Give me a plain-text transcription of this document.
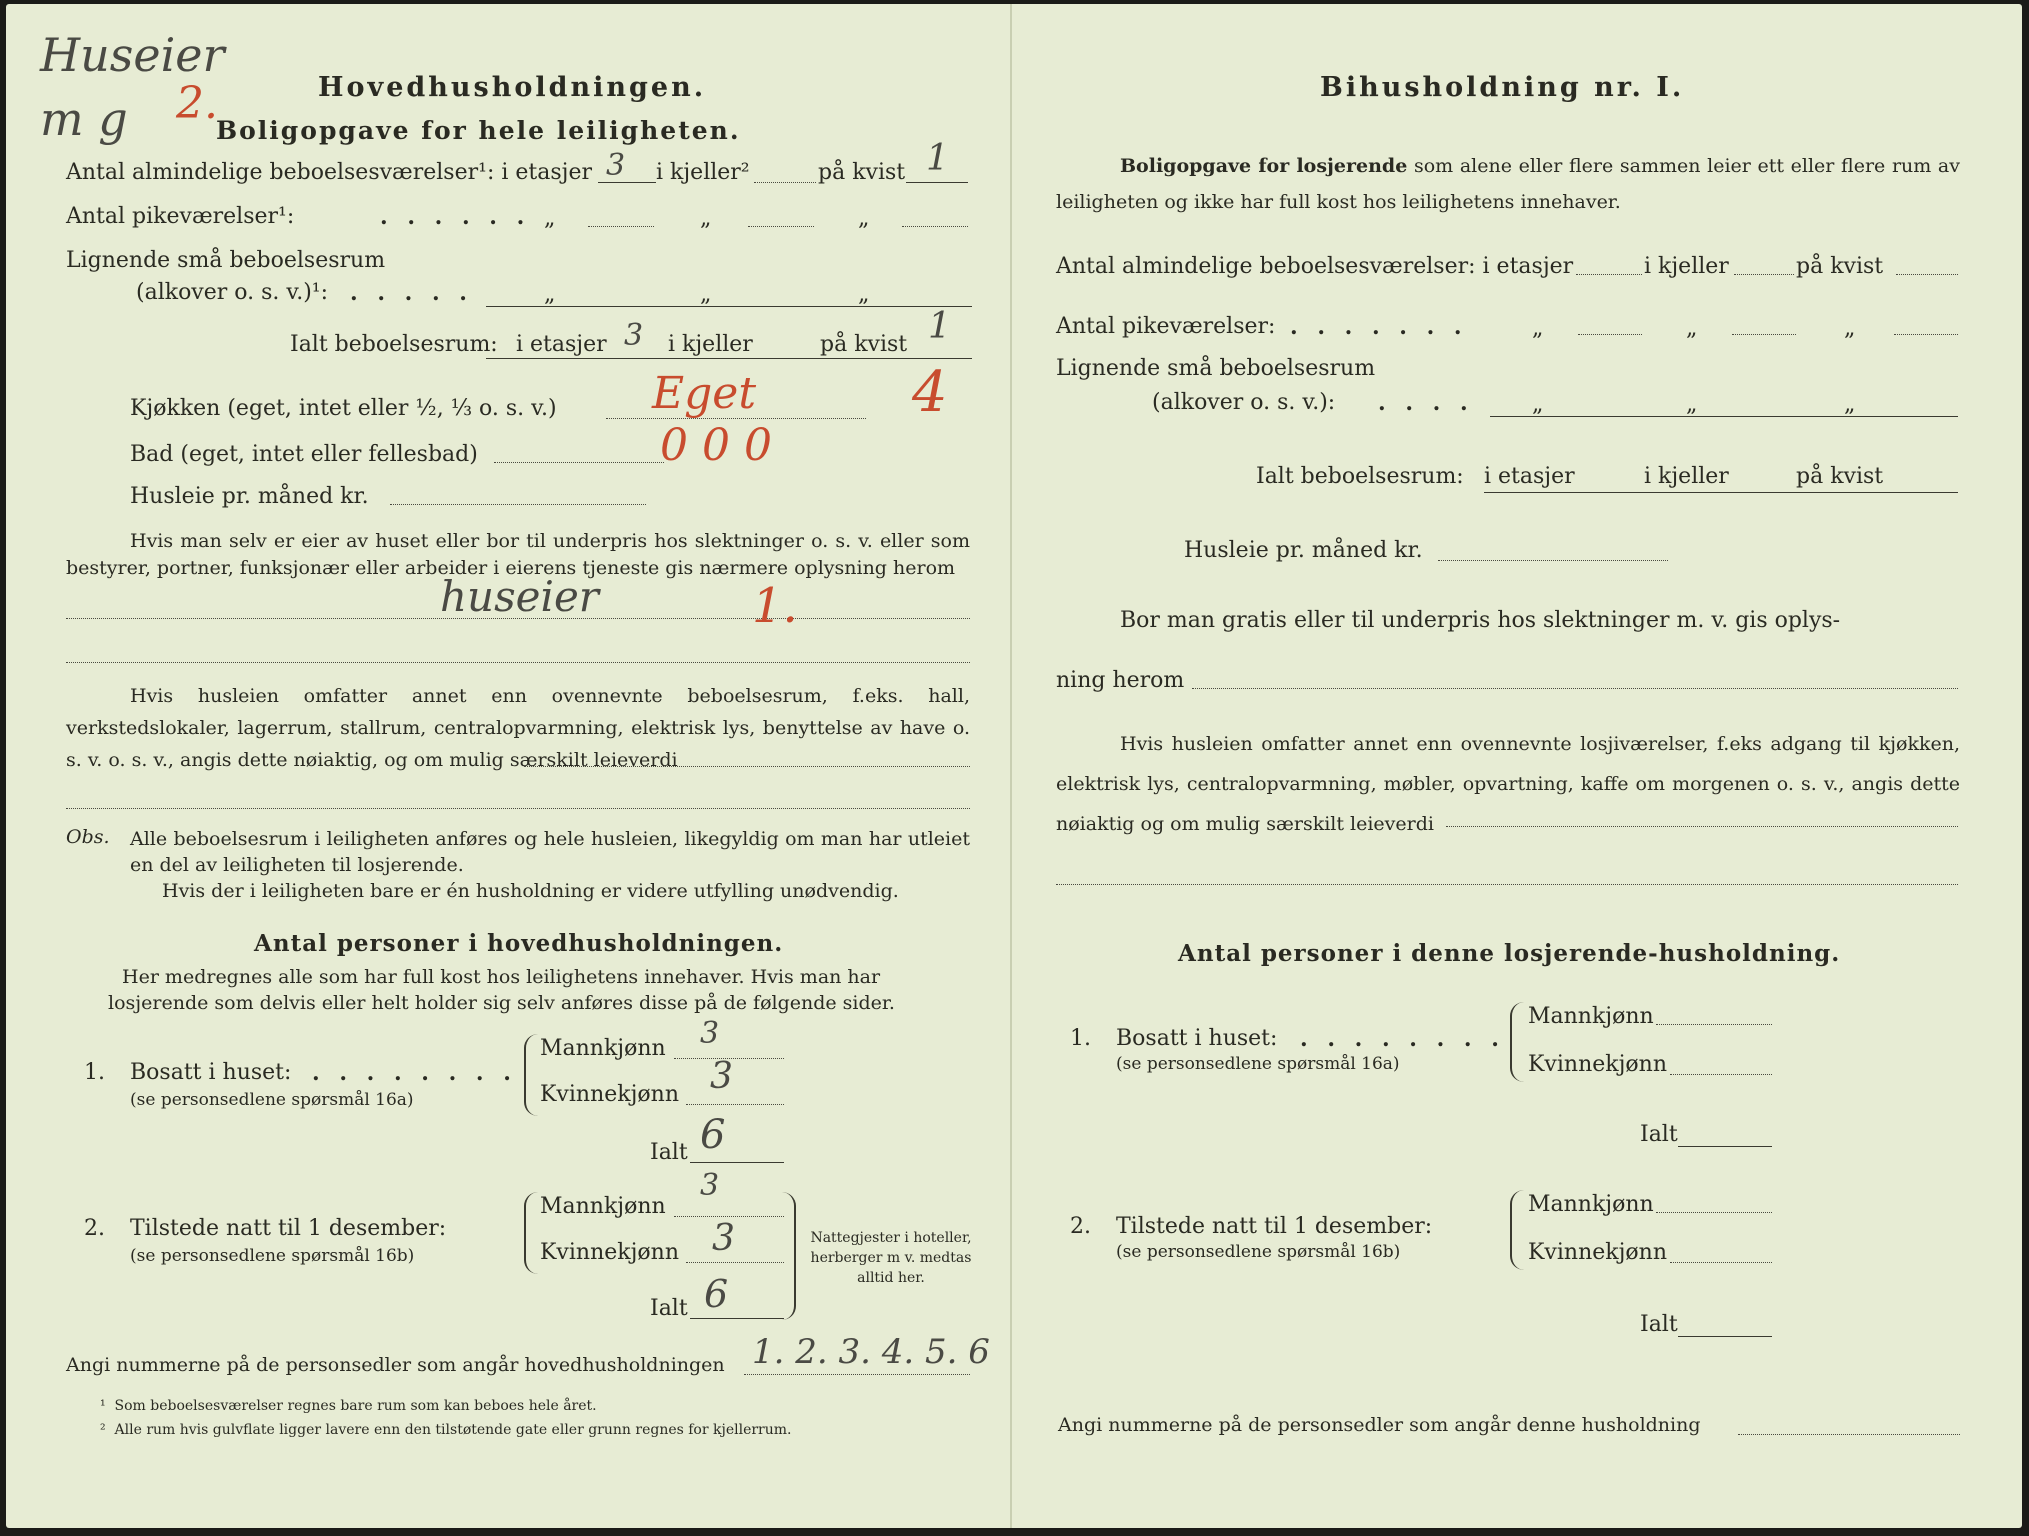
Huseier
m g 2.	Hovedhusholdningen.
Boligopgave for hele leiligheten.
Antal almindelige beboelsesværelser¹: i etasjer 3 i kjeller²	på kvist 1
Antal pikeværelser¹:	. . . . . . „	„	„
Lignende små beboelsesrum
(alkover o. s. v.)¹: . . . . .	„	„	„
Ialt beboelsesrum: i etasjer 3 i kjeller	på kvist 1
Kjøkken (eget, intet eller ½, ⅓ o. s. v.) Eget	4
Bad (eget, intet eller fellesbad)	0 0 0
Husleie pr. måned kr.
Hvis man selv er eier av huset eller bor til underpris hos slektninger o. s. v. eller som bestyrer, portner, funksjonær eller arbeider i eierens tjeneste gis nærmere oplysning herom
huseier	1.
Hvis husleien omfatter annet enn ovennevnte beboelsesrum, f.eks. hall, verkstedslokaler, lagerrum, stallrum, centralopvarmning, elektrisk lys, benyttelse av have o. s. v. o. s. v., angis dette nøiaktig, og om mulig særskilt leieverdi
Obs. Alle beboelsesrum i leiligheten anføres og hele husleien, likegyldig om man har utleiet en del av leiligheten til losjerende.
Hvis der i leiligheten bare er én husholdning er videre utfylling unødvendig.
Antal personer i hovedhusholdningen.
Her medregnes alle som har full kost hos leilighetens innehaver. Hvis man har
losjerende som delvis eller helt holder sig selv anføres disse på de følgende sider.
1. Bosatt i huset: . . . . . . . .
(se personsedlene spørsmål 16a)
Mannkjønn 3
Kvinnekjønn 3
Ialt 6
2. Tilstede natt til 1 desember:
(se personsedlene spørsmål 16b)
Mannkjønn
3
Kvinnekjønn 3
Ialt 6
Nattegjester i hoteller, herberger m v. medtas alltid her.
Angi nummerne på de personsedler som angår hovedhusholdningen 1. 2. 3. 4. 5. 6
¹  Som beboelsesværelser regnes bare rum som kan beboes hele året.
²  Alle rum hvis gulvflate ligger lavere enn den tilstøtende gate eller grunn regnes for kjellerrum.
Bihusholdning nr. I.
Boligopgave for losjerende som alene eller flere sammen leier ett eller flere rum av leiligheten og ikke har full kost hos leilighetens innehaver.
Antal almindelige beboelsesværelser: i etasjer	i kjeller	på kvist
Antal pikeværelser: . . . . . . .	„	„	„
Lignende små beboelsesrum
(alkover o. s. v.): . . . .	„	„	„
Ialt beboelsesrum: i etasjer	i kjeller	på kvist
Husleie pr. måned kr.
Bor man gratis eller til underpris hos slektninger m. v. gis oplys-
ning herom
Hvis husleien omfatter annet enn ovennevnte losjiværelser, f.eks adgang til kjøkken, elektrisk lys, centralopvarmning, møbler, opvartning, kaffe om morgenen o. s. v., angis dette nøiaktig og om mulig særskilt leieverdi
Antal personer i denne losjerende-husholdning.
1. Bosatt i huset: . . . . . . . .
(se personsedlene spørsmål 16a)
Mannkjønn
Kvinnekjønn
Ialt
2. Tilstede natt til 1 desember:
(se personsedlene spørsmål 16b)
Mannkjønn
Kvinnekjønn
Ialt
Angi nummerne på de personsedler som angår denne husholdning
